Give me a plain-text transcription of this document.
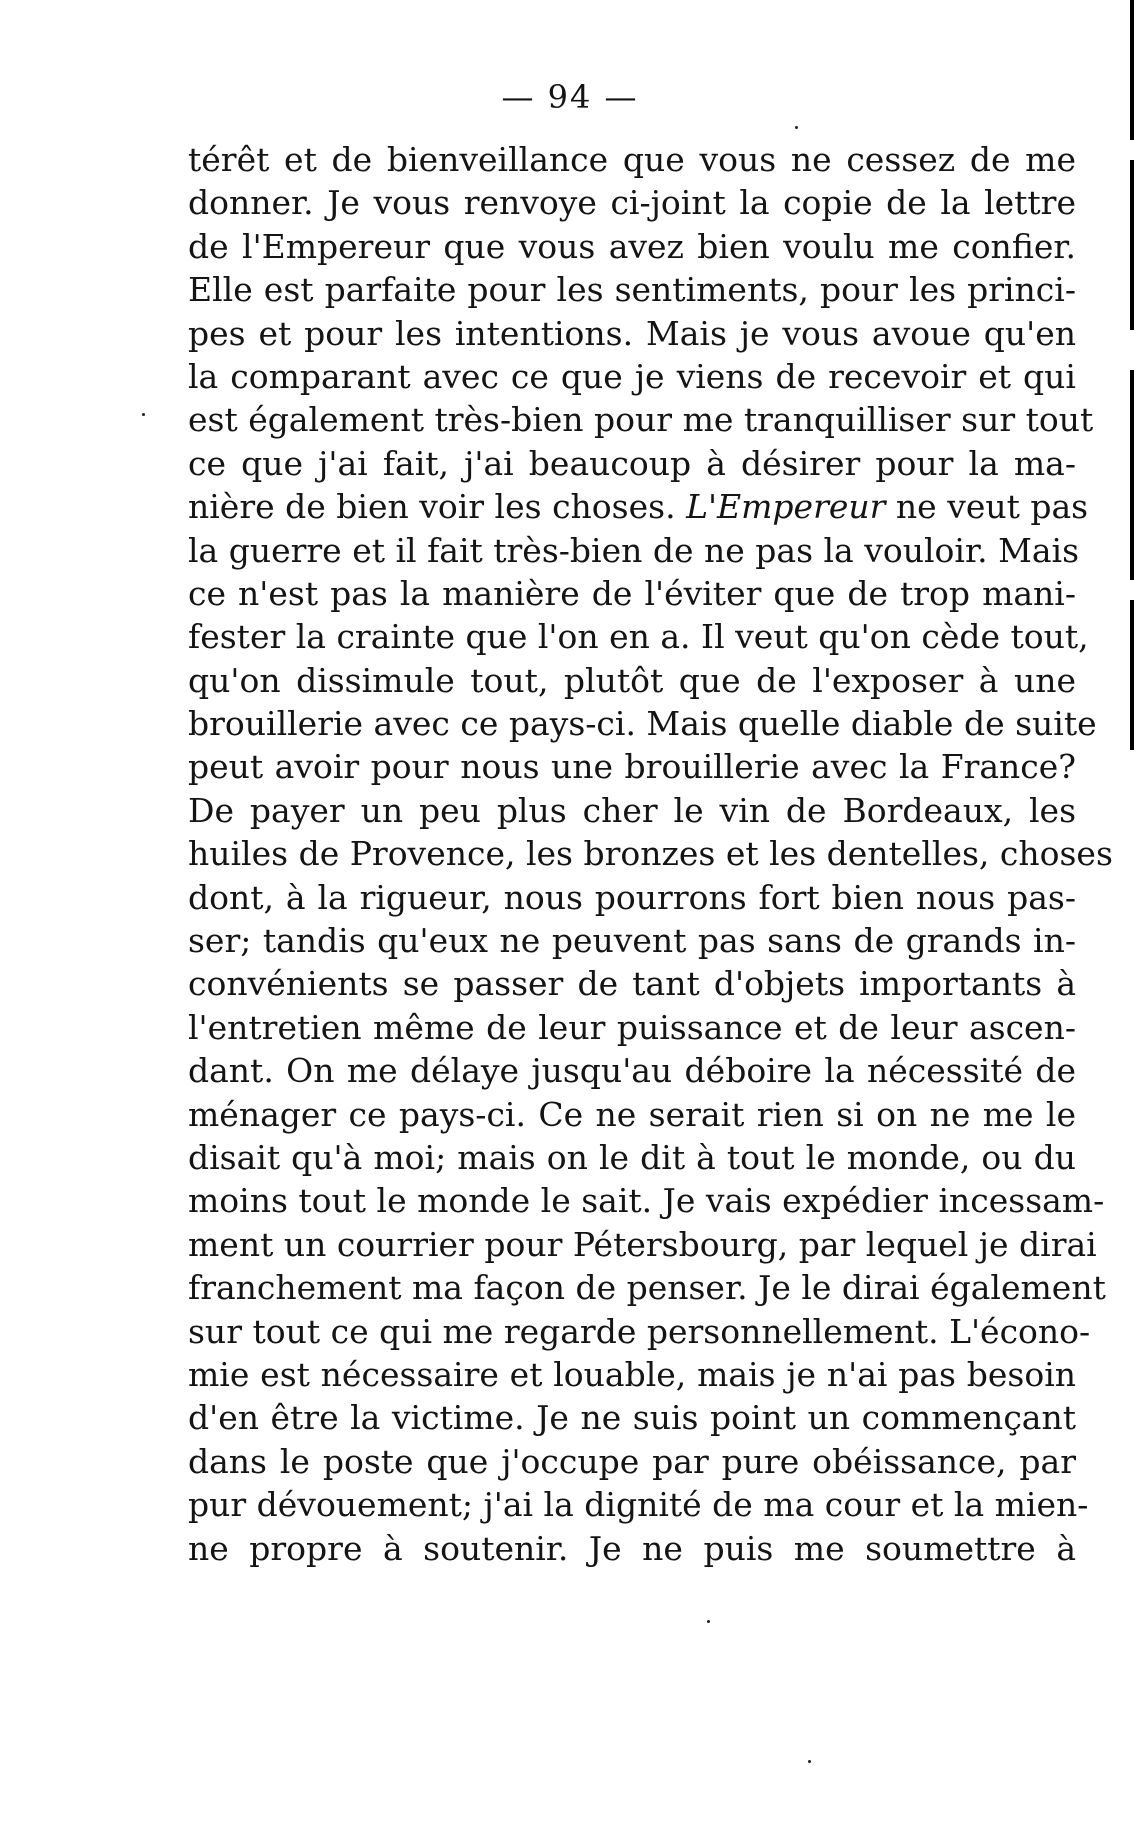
— 94 —
térêt et de bienveillance que vous ne cessez de me
donner. Je vous renvoye ci-joint la copie de la lettre
de l'Empereur que vous avez bien voulu me confier.
Elle est parfaite pour les sentiments, pour les princi-
pes et pour les intentions. Mais je vous avoue qu'en
la comparant avec ce que je viens de recevoir et qui
est également très-bien pour me tranquilliser sur tout
ce que j'ai fait, j'ai beaucoup à désirer pour la ma-
nière de bien voir les choses. L'Empereur ne veut pas
la guerre et il fait très-bien de ne pas la vouloir. Mais
ce n'est pas la manière de l'éviter que de trop mani-
fester la crainte que l'on en a. Il veut qu'on cède tout,
qu'on dissimule tout, plutôt que de l'exposer à une
brouillerie avec ce pays-ci. Mais quelle diable de suite
peut avoir pour nous une brouillerie avec la France?
De payer un peu plus cher le vin de Bordeaux, les
huiles de Provence, les bronzes et les dentelles, choses
dont, à la rigueur, nous pourrons fort bien nous pas-
ser; tandis qu'eux ne peuvent pas sans de grands in-
convénients se passer de tant d'objets importants à
l'entretien même de leur puissance et de leur ascen-
dant. On me délaye jusqu'au déboire la nécessité de
ménager ce pays-ci. Ce ne serait rien si on ne me le
disait qu'à moi; mais on le dit à tout le monde, ou du
moins tout le monde le sait. Je vais expédier incessam-
ment un courrier pour Pétersbourg, par lequel je dirai
franchement ma façon de penser. Je le dirai également
sur tout ce qui me regarde personnellement. L'écono-
mie est nécessaire et louable, mais je n'ai pas besoin
d'en être la victime. Je ne suis point un commençant
dans le poste que j'occupe par pure obéissance, par
pur dévouement; j'ai la dignité de ma cour et la mien-
ne propre à soutenir. Je ne puis me soumettre à
